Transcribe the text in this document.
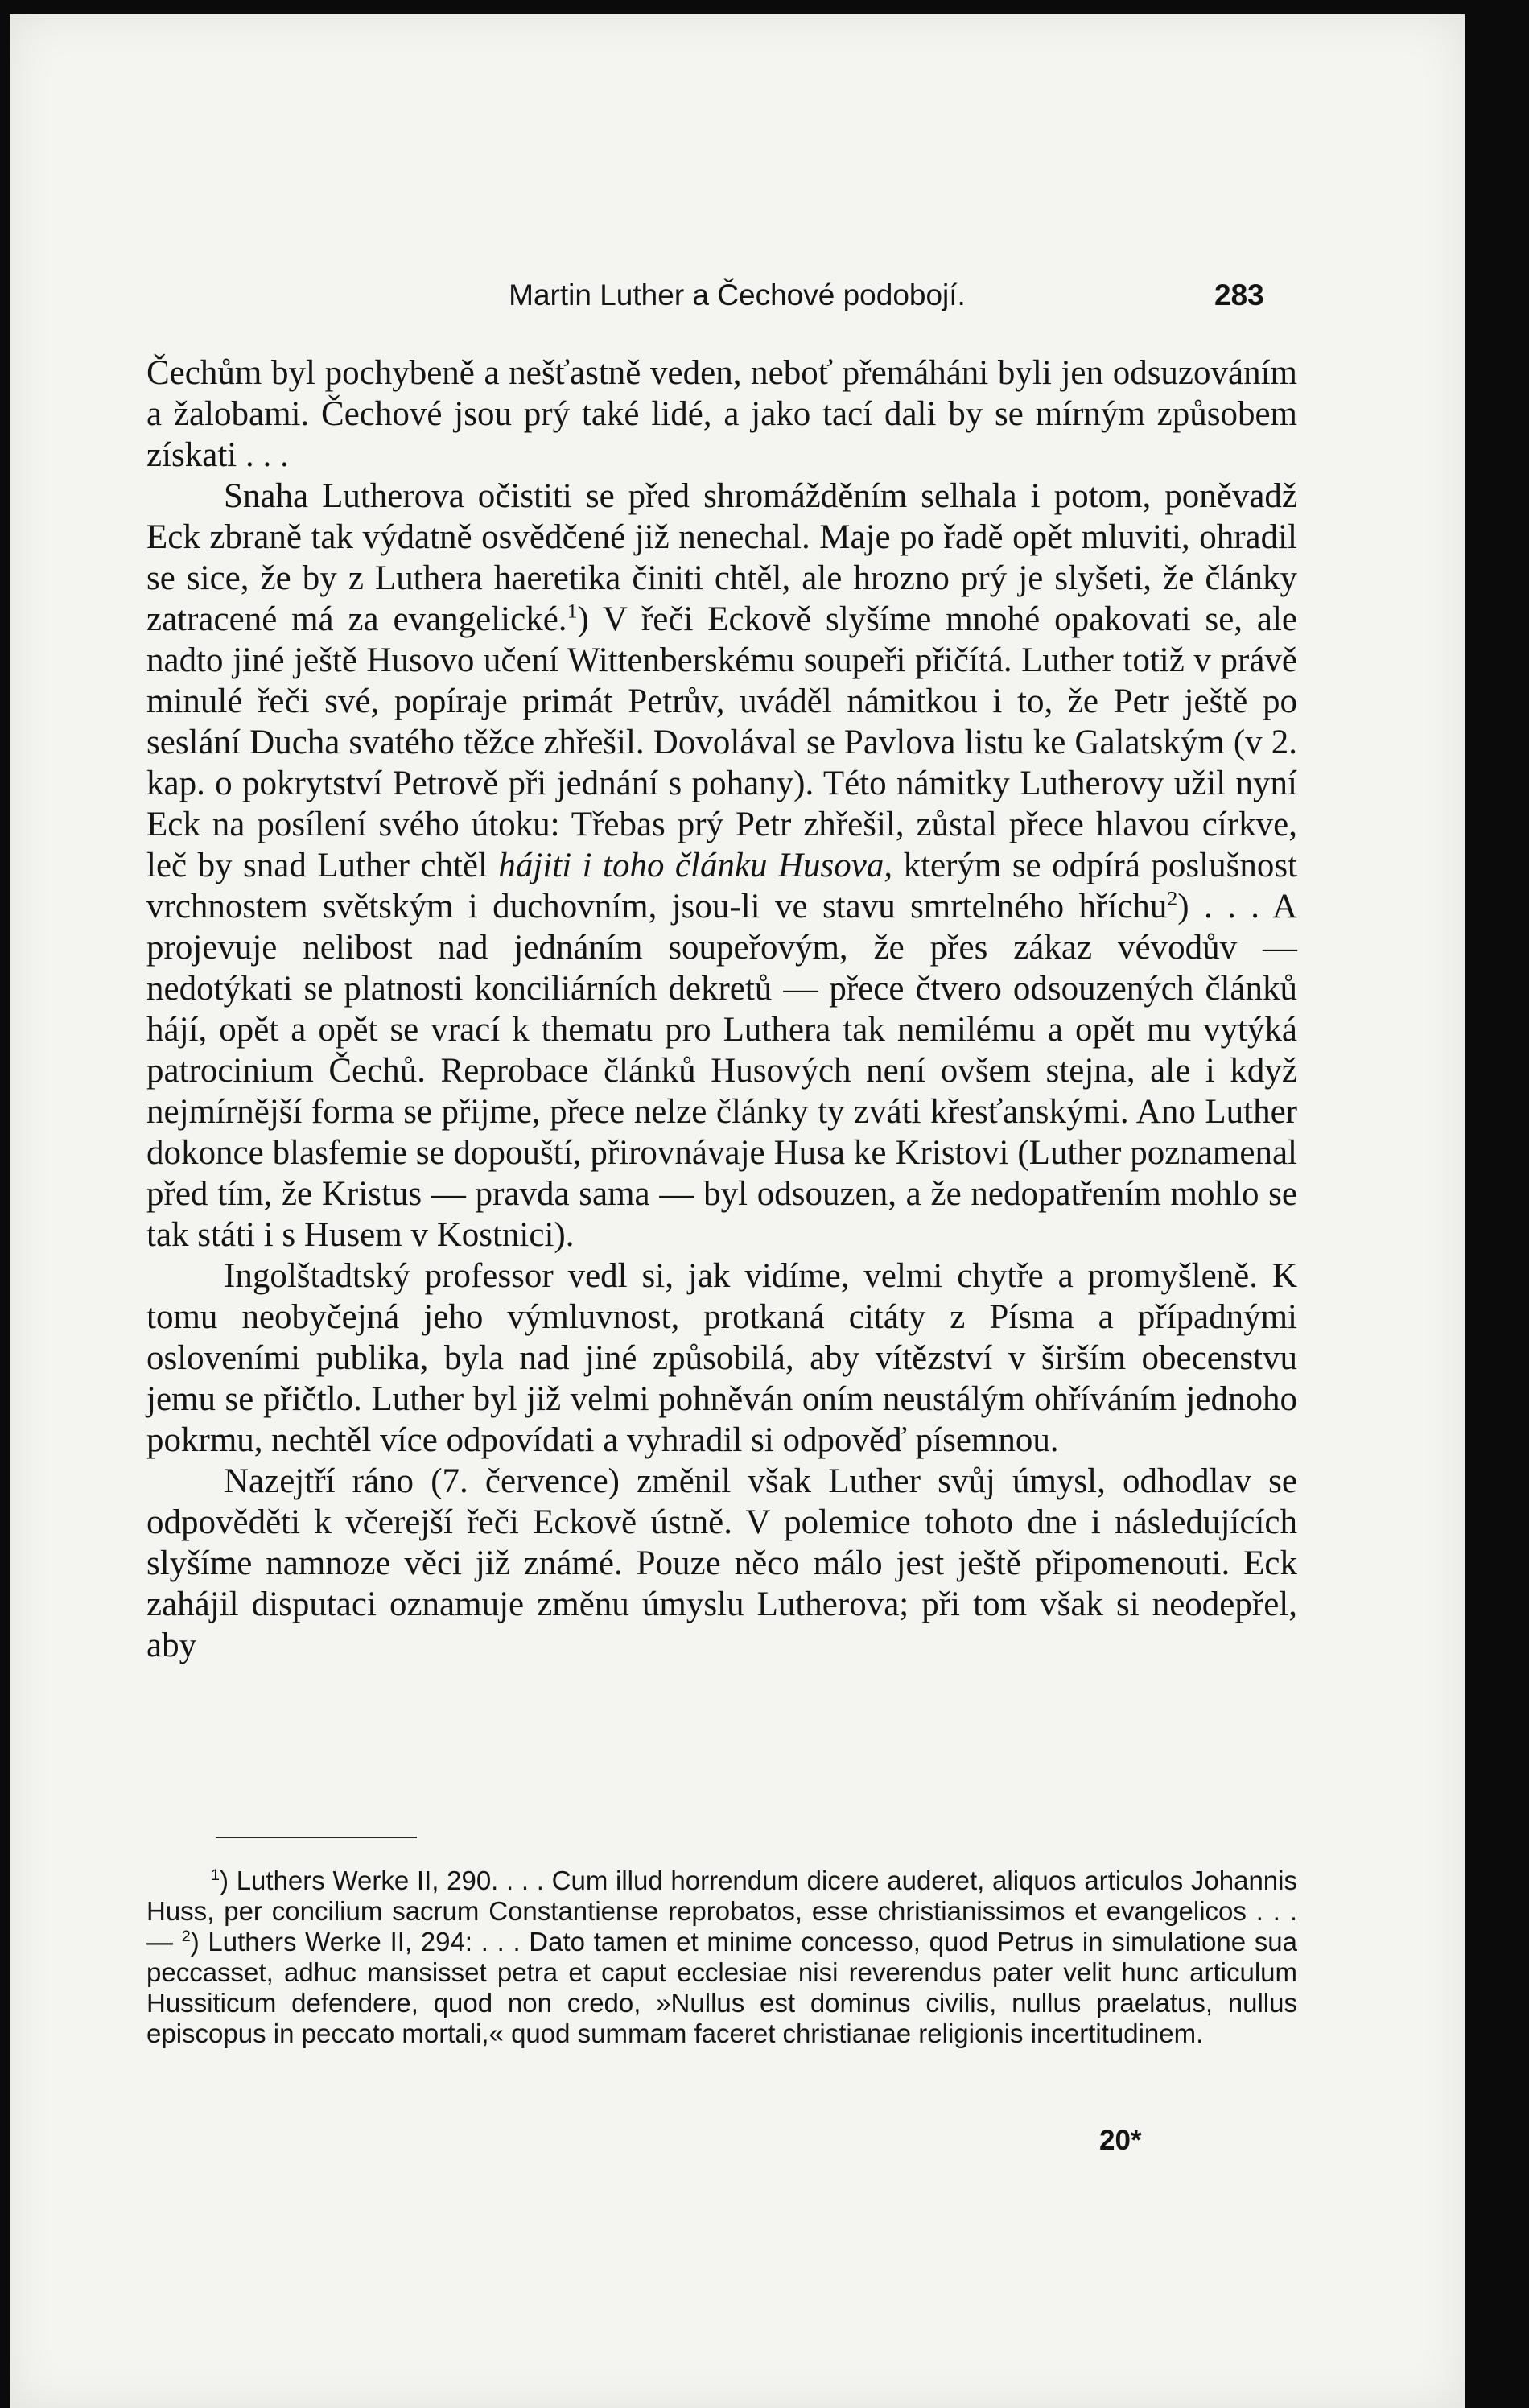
Martin Luther a Čechové podobojí.	283

Čechům byl pochybeně a nešťastně veden, neboť přemáháni byli jen odsuzováním a žalobami. Čechové jsou prý také lidé, a jako tací dali by se mírným způsobem získati . . .

Snaha Lutherova očistiti se před shromážděním selhala i potom, poněvadž Eck zbraně tak výdatně osvědčené již nenechal. Maje po řadě opět mluviti, ohradil se sice, že by z Luthera haeretika činiti chtěl, ale hrozno prý je slyšeti, že články zatracené má za evangelické.$^1$) V řeči Eckově slyšíme mnohé opakovati se, ale nadto jiné ještě Husovo učení Wittenberskému soupeři přičítá. Luther totiž v právě minulé řeči své, popíraje primát Petrův, uváděl námitkou i to, že Petr ještě po seslání Ducha svatého těžce zhřešil. Dovolával se Pavlova listu ke Galatským (v 2. kap. o pokrytství Petrově při jednání s pohany). Této námitky Lutherovy užil nyní Eck na posílení svého útoku: Třebas prý Petr zhřešil, zůstal přece hlavou církve, leč by snad Luther chtěl hájiti i toho článku Husova, kterým se odpírá poslušnost vrchnostem světským i duchovním, jsou-li ve stavu smrtelného hříchu$^2$) . . . A projevuje nelibost nad jednáním soupeřovým, že přes zákaz vévodův — nedotýkati se platnosti konciliárních dekretů — přece čtvero odsouzených článků hájí, opět a opět se vrací k thematu pro Luthera tak nemilému a opět mu vytýká patrocinium Čechů. Reprobace článků Husových není ovšem stejna, ale i když nejmírnější forma se přijme, přece nelze články ty zváti křesťanskými. Ano Luther dokonce blasfemie se dopouští, přirovnávaje Husa ke Kristovi (Luther poznamenal před tím, že Kristus — pravda sama — byl odsouzen, a že nedopatřením mohlo se tak státi i s Husem v Kostnici).

Ingolštadtský professor vedl si, jak vidíme, velmi chytře a promyšleně. K tomu neobyčejná jeho výmluvnost, protkaná citáty z Písma a případnými osloveními publika, byla nad jiné způsobilá, aby vítězství v širším obecenstvu jemu se přičtlo. Luther byl již velmi pohněván oním neustálým ohříváním jednoho pokrmu, nechtěl více odpovídati a vyhradil si odpověď písemnou.

Nazejtří ráno (7. července) změnil však Luther svůj úmysl, odhodlav se odpověděti k včerejší řeči Eckově ústně. V polemice tohoto dne i následujících slyšíme namnoze věci již známé. Pouze něco málo jest ještě připomenouti. Eck zahájil disputaci oznamuje změnu úmyslu Lutherova; při tom však si neodepřel, aby

$^1$) Luthers Werke II, 290. . . . Cum illud horrendum dicere auderet, aliquos articulos Johannis Huss, per concilium sacrum Constantiense reprobatos, esse christianissimos et evangelicos . . . — $^2$) Luthers Werke II, 294: . . . Dato tamen et minime concesso, quod Petrus in simulatione sua peccasset, adhuc mansisset petra et caput ecclesiae nisi reverendus pater velit hunc articulum Hussiticum defendere, quod non credo, »Nullus est dominus civilis, nullus praelatus, nullus episcopus in peccato mortali,« quod summam faceret christianae religionis incertitudinem.

20*
